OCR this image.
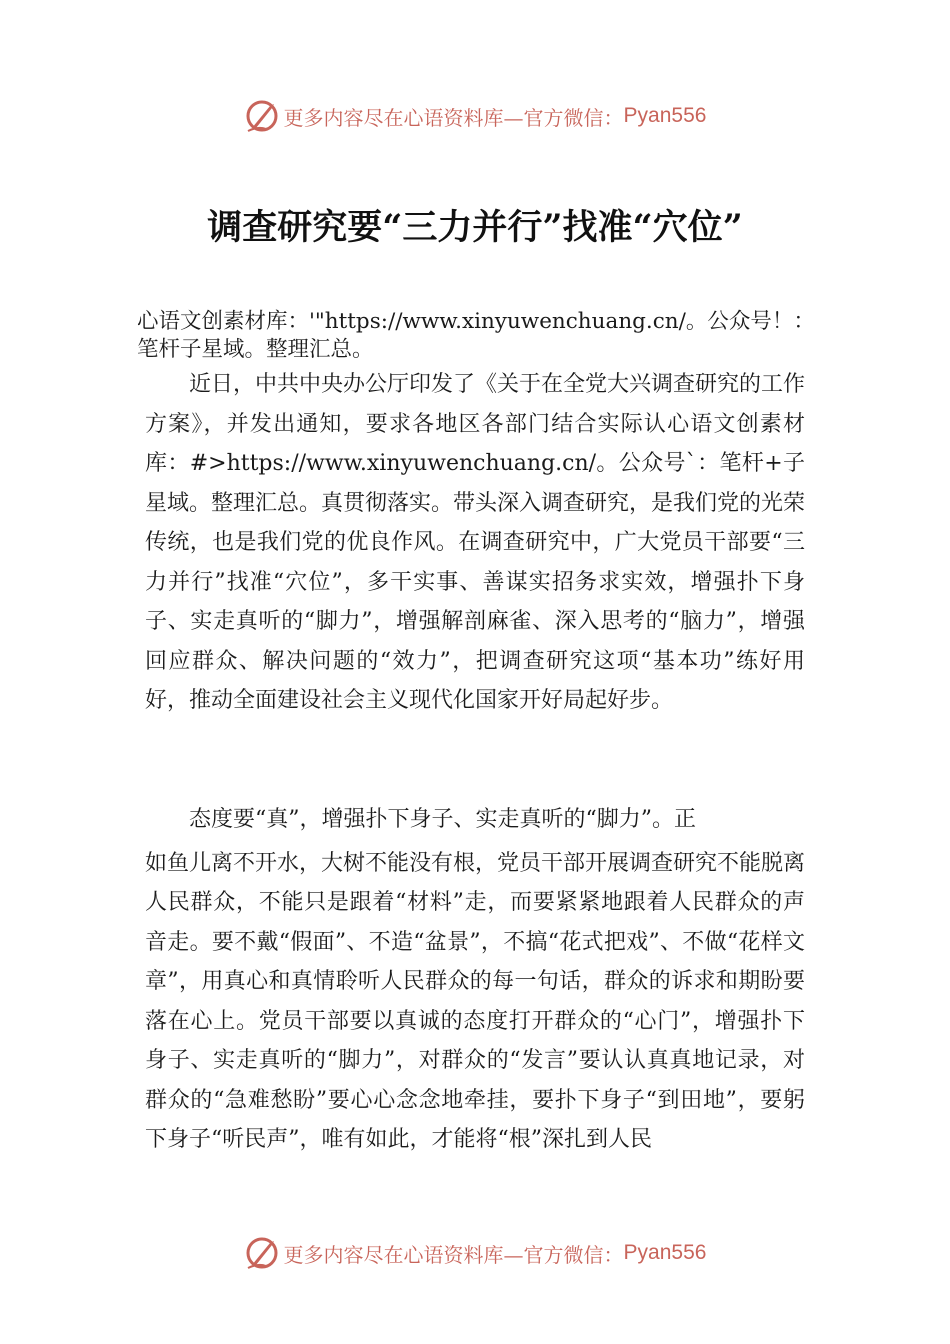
更多内容尽在心语资料库—官方微信： Pyan556
调查研究要“三力并行”找准“穴位”
心语文创素材库：'"https://www.xinyuwenchuang.cn/。公众号！：笔杆子星域。整理汇总。
近日，中共中央办公厅印发了《关于在全党大兴调查研究的工作方案》，并发出通知，要求各地区各部门结合实际认心语文创素材库：#>https://www.xinyuwenchuang.cn/。公众号`：笔杆+子星域。整理汇总。真贯彻落实。带头深入调查研究，是我们党的光荣传统，也是我们党的优良作风。在调查研究中，广大党员干部要“三力并行”找准“穴位”，多干实事、善谋实招务求实效，增强扑下身子、实走真听的“脚力”，增强解剖麻雀、深入思考的“脑力”，增强回应群众、解决问题的“效力”，把调查研究这项“基本功”练好用好，推动全面建设社会主义现代化国家开好局起好步。
态度要“真”，增强扑下身子、实走真听的“脚力”。正
如鱼儿离不开水，大树不能没有根，党员干部开展调查研究不能脱离人民群众，不能只是跟着“材料”走，而要紧紧地跟着人民群众的声音走。要不戴“假面”、不造“盆景”，不搞“花式把戏”、不做“花样文章”，用真心和真情聆听人民群众的每一句话，群众的诉求和期盼要落在心上。党员干部要以真诚的态度打开群众的“心门”，增强扑下身子、实走真听的“脚力”，对群众的“发言”要认认真真地记录，对群众的“急难愁盼”要心心念念地牵挂，要扑下身子“到田地”，要躬下身子“听民声”，唯有如此，才能将“根”深扎到人民
更多内容尽在心语资料库—官方微信： Pyan556
